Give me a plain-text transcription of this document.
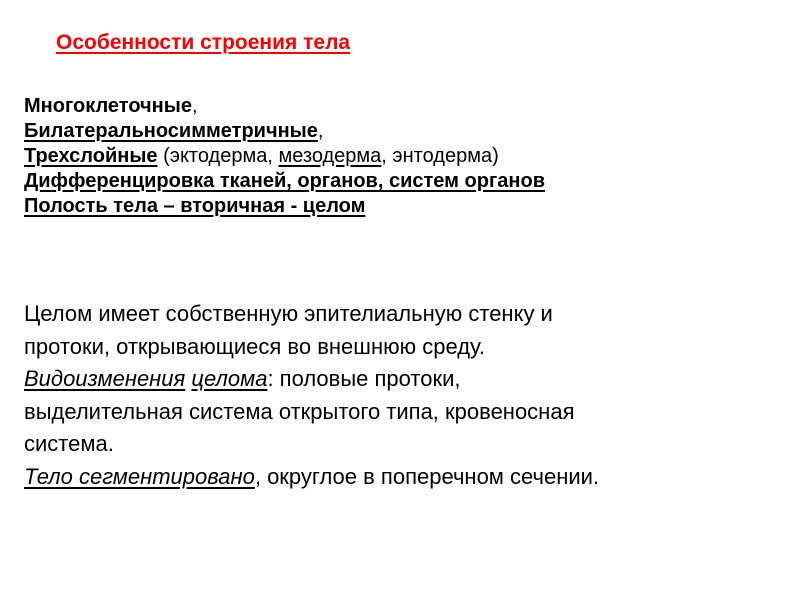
Особенности строения тела
Многоклеточные,
Билатеральносимметричные,
Трехслойные (эктодерма, мезодерма, энтодерма)
Дифференцировка тканей, органов, систем органов
Полость тела – вторичная - целом
Целом имеет собственную эпителиальную стенку и
протоки, открывающиеся во внешнюю среду.
Видоизменения целома: половые протоки,
выделительная система открытого типа, кровеносная
система.
Тело сегментировано, округлое в поперечном сечении.
